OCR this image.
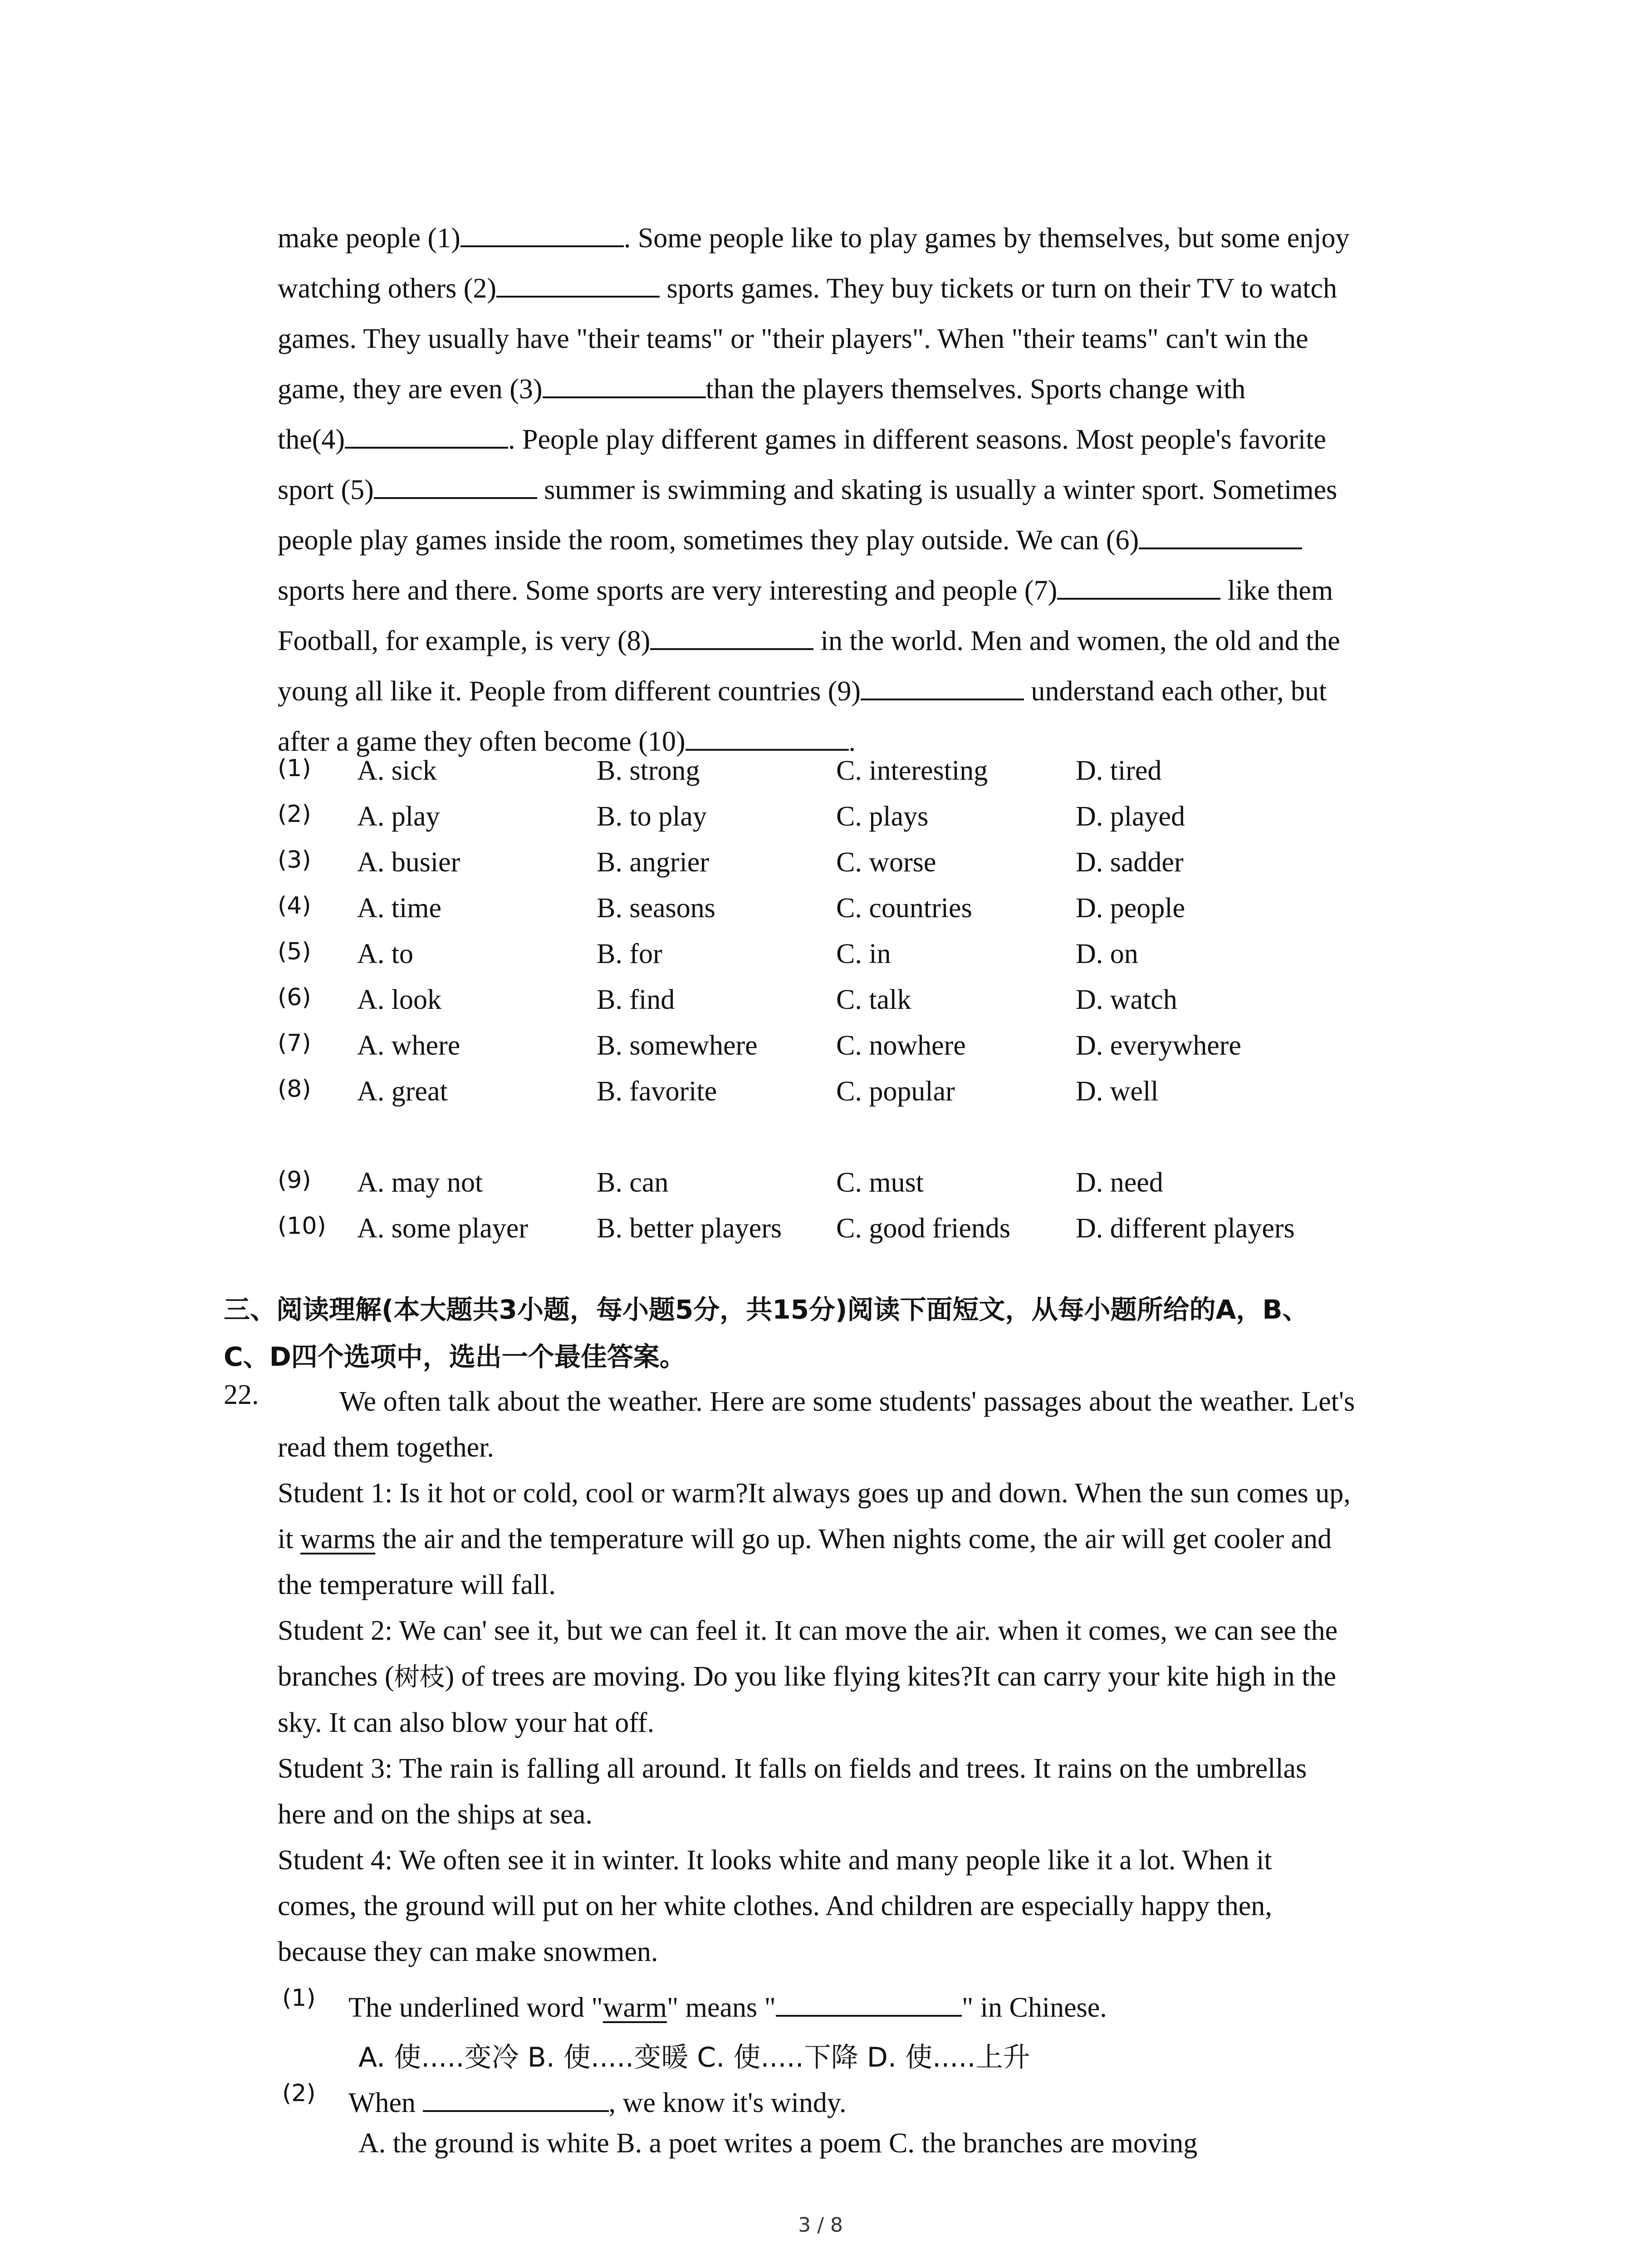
make people (1)	. Some people like to play games by themselves, but some enjoy
watching others (2)	sports games. They buy tickets or turn on their TV to watch
games. They usually have "their teams" or "their players". When "their teams" can't win the
game, they are even (3)	than the players themselves. Sports change with
the(4)	. People play different games in different seasons. Most people's favorite
sport (5)	summer is swimming and skating is usually a winter sport. Sometimes
people play games inside the room, sometimes they play outside. We can (6)
sports here and there. Some sports are very interesting and people (7)	like them
Football, for example, is very (8)	in the world. Men and women, the old and the
young all like it. People from different countries (9)	understand each other, but
after a game they often become (10)	.

(1) A. sick	B. strong	C. interesting	D. tired
(2) A. play	B. to play	C. plays	D. played
(3) A. busier	B. angrier	C. worse	D. sadder
(4) A. time	B. seasons	C. countries	D. people
(5) A. to	B. for	C. in	D. on
(6) A. look	B. find	C. talk	D. watch
(7) A. where	B. somewhere	C. nowhere	D. everywhere
(8) A. great	B. favorite	C. popular	D. well
(9) A. may not	B. can	C. must	D. need
(10) A. some player B. better players C. good friends D. different players

三、阅读理解(本大题共3小题，每小题5分，共15分)阅读下面短文，从每小题所给的A，B、
C、D四个选项中，选出一个最佳答案。

22.	We often talk about the weather. Here are some students' passages about the weather. Let's
read them together.
Student 1: Is it hot or cold, cool or warm?It always goes up and down. When the sun comes up,
it warms the air and the temperature will go up. When nights come, the air will get cooler and
the temperature will fall.
Student 2: We can' see it, but we can feel it. It can move the air. when it comes, we can see the
branches (树枝) of trees are moving. Do you like flying kites?It can carry your kite high in the
sky. It can also blow your hat off.
Student 3: The rain is falling all around. It falls on fields and trees. It rains on the umbrellas
here and on the ships at sea.
Student 4: We often see it in winter. It looks white and many people like it a lot. When it
comes, the ground will put on her white clothes. And children are especially happy then,
because they can make snowmen.

(1) The underlined word "warm" means "	" in Chinese.
A. 使.....变冷 B. 使.....变暖 C. 使.....下降 D. 使.....上升
(2) When	, we know it's windy.
A. the ground is white B. a poet writes a poem C. the branches are moving
3 / 8
